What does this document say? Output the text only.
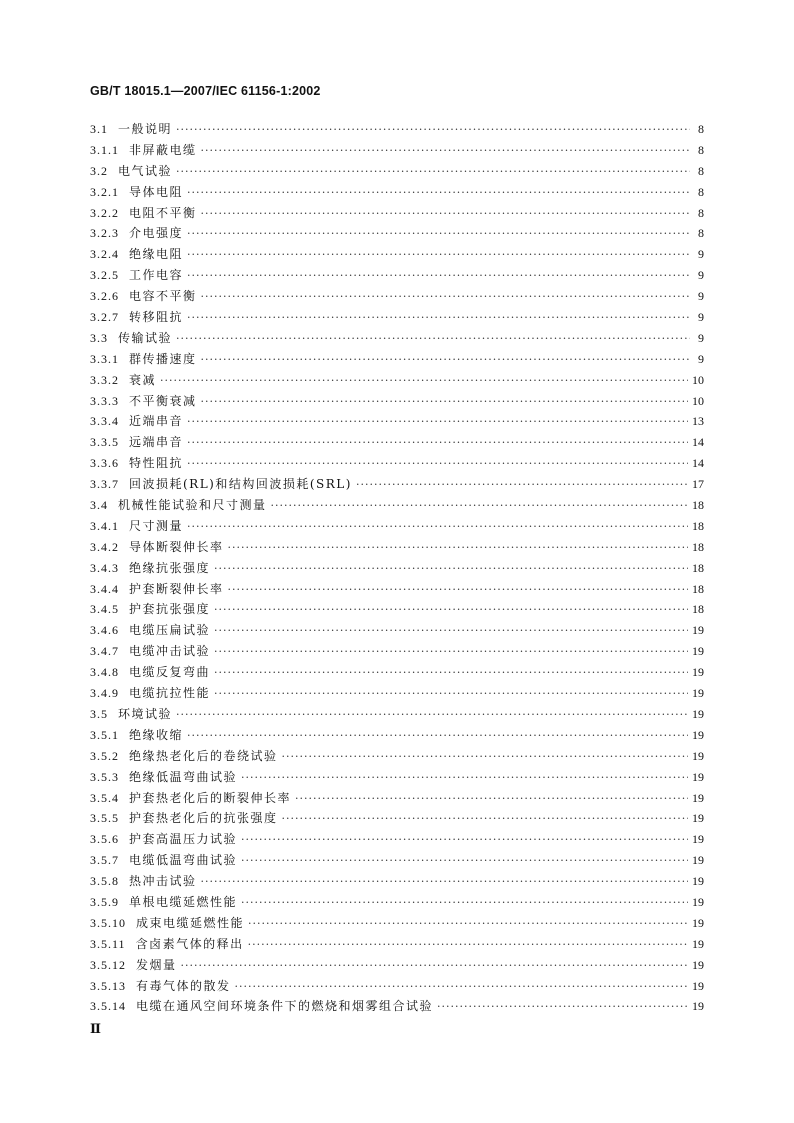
GB/T 18015.1—2007/IEC 61156-1:2002
3.1 一般说明 ·····	8
3.1.1 非屏蔽电缆 ·····	8
3.2 电气试验 ·····	8
3.2.1 导体电阻 ·····	8
3.2.2 电阻不平衡 ·····	8
3.2.3 介电强度 ·····	8
3.2.4 绝缘电阻 ·····	9
3.2.5 工作电容 ·····	9
3.2.6 电容不平衡 ·····	9
3.2.7 转移阻抗 ·····	9
3.3 传输试验 ·····	9
3.3.1 群传播速度 ·····	9
3.3.2 衰减 ·····	10
3.3.3 不平衡衰减 ·····	10
3.3.4 近端串音 ·····	13
3.3.5 远端串音 ·····	14
3.3.6 特性阻抗 ·····	14
3.3.7 回波损耗(RL)和结构回波损耗(SRL) ·····	17
3.4 机械性能试验和尺寸测量 ·····	18
3.4.1 尺寸测量 ·····	18
3.4.2 导体断裂伸长率 ·····	18
3.4.3 绝缘抗张强度 ·····	18
3.4.4 护套断裂伸长率 ·····	18
3.4.5 护套抗张强度 ·····	18
3.4.6 电缆压扁试验 ·····	19
3.4.7 电缆冲击试验 ·····	19
3.4.8 电缆反复弯曲 ·····	19
3.4.9 电缆抗拉性能 ·····	19
3.5 环境试验 ·····	19
3.5.1 绝缘收缩 ·····	19
3.5.2 绝缘热老化后的卷绕试验 ·····	19
3.5.3 绝缘低温弯曲试验 ·····	19
3.5.4 护套热老化后的断裂伸长率 ·····	19
3.5.5 护套热老化后的抗张强度 ·····	19
3.5.6 护套高温压力试验 ·····	19
3.5.7 电缆低温弯曲试验 ·····	19
3.5.8 热冲击试验 ·····	19
3.5.9 单根电缆延燃性能 ·····	19
3.5.10 成束电缆延燃性能 ·····	19
3.5.11 含卤素气体的释出 ·····	19
3.5.12 发烟量 ·····	19
3.5.13 有毒气体的散发 ·····	19
3.5.14 电缆在通风空间环境条件下的燃烧和烟雾组合试验 ·····	19
Ⅱ
